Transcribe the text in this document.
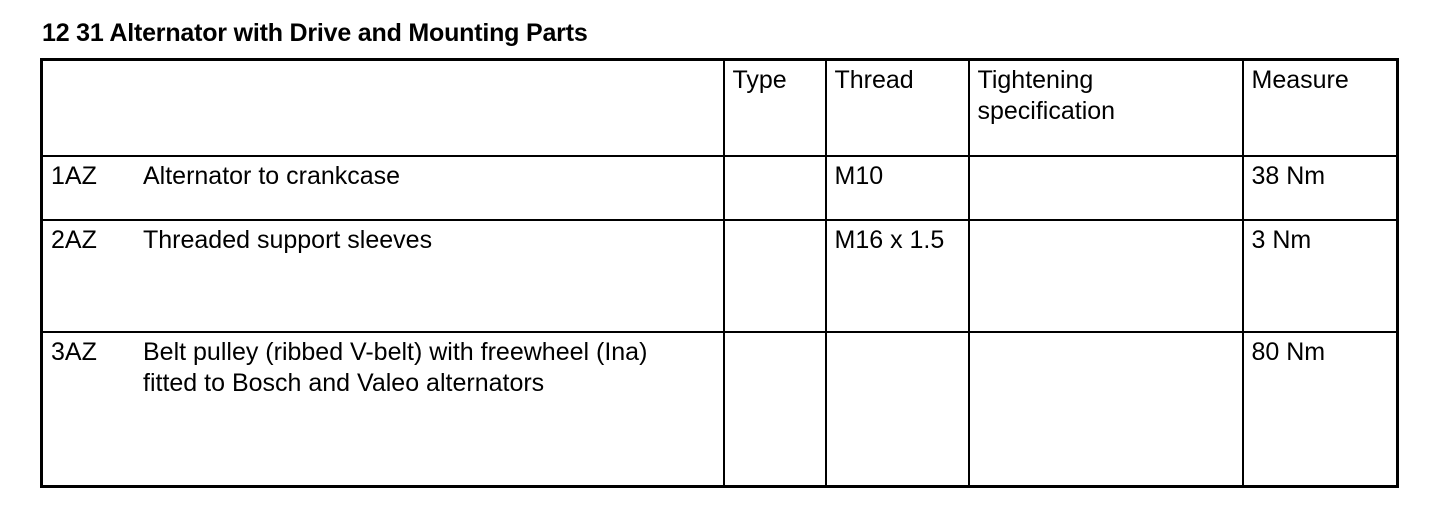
12 31 Alternator with Drive and Mounting Parts
	Type	Thread	Tightening specification	Measure
1AZ Alternator to crankcase		M10		38 Nm
2AZ Threaded support sleeves		M16 x 1.5		3 Nm
3AZ Belt pulley (ribbed V-belt) with freewheel (Ina) fitted to Bosch and Valeo alternators				80 Nm
